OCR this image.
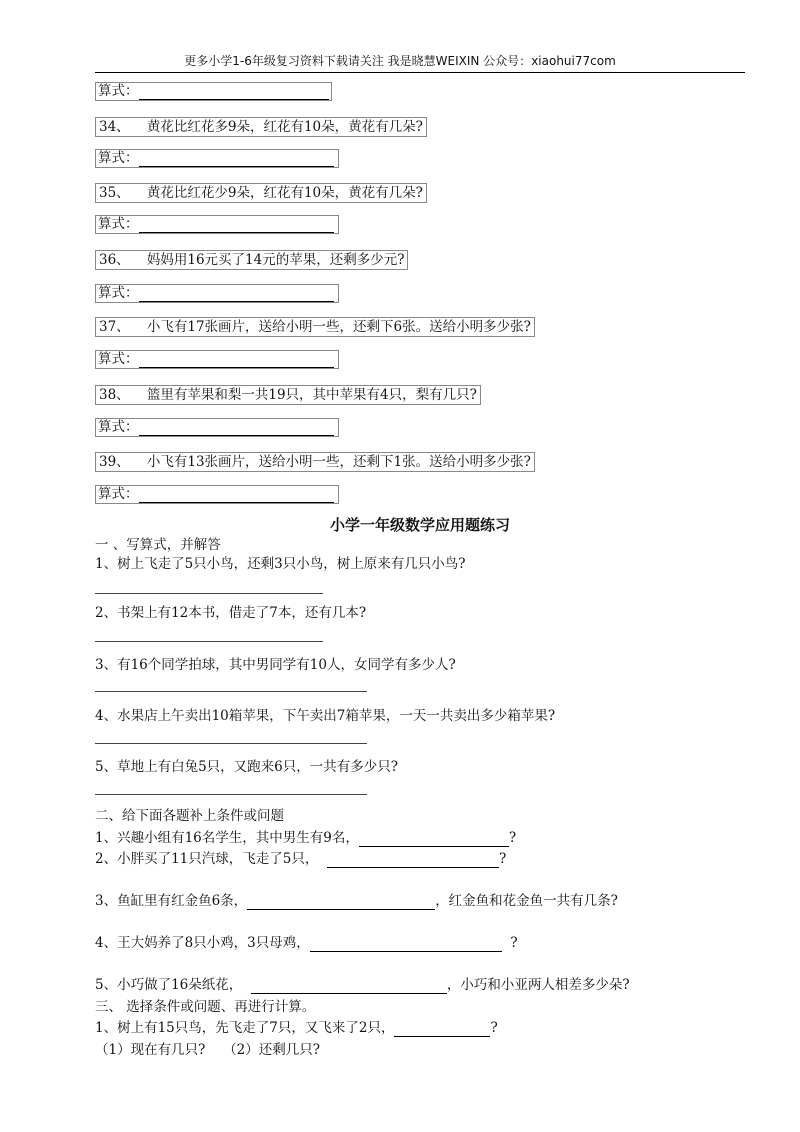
更多小学1-6年级复习资料下载请关注 我是晓慧WEIXIN 公众号：xiaohui77com
算式：
34、 黄花比红花多9朵，红花有10朵，黄花有几朵?
算式：
35、 黄花比红花少9朵，红花有10朵，黄花有几朵?
算式：
36、 妈妈用16元买了14元的苹果，还剩多少元?
算式：
37、 小飞有17张画片，送给小明一些，还剩下6张。送给小明多少张?
算式：
38、 篮里有苹果和梨一共19只，其中苹果有4只，梨有几只?
算式：
39、 小飞有13张画片，送给小明一些，还剩下1张。送给小明多少张?
算式：
小学一年级数学应用题练习
一 、写算式，并解答
1、树上飞走了5只小鸟，还剩3只小鸟，树上原来有几只小鸟?
2、书架上有12本书，借走了7本，还有几本?
3、有16个同学拍球，其中男同学有10人，女同学有多少人?
4、水果店上午卖出10箱苹果，下午卖出7箱苹果，一天一共卖出多少箱苹果?
5、草地上有白兔5只，又跑来6只，一共有多少只?
二、给下面各题补上条件或问题
1、兴趣小组有16名学生，其中男生有9名，	?
2、小胖买了11只汽球，飞走了5只，	?
3、鱼缸里有红金鱼6条，	，红金鱼和花金鱼一共有几条?
4、王大妈养了8只小鸡，3只母鸡，	?
5、小巧做了16朵纸花，	，小巧和小亚两人相差多少朵?
三、 选择条件或问题、再进行计算。
1、树上有15只鸟，先飞走了7只，又飞来了2只，	?
（1）现在有几只?　 （2）还剩几只?
